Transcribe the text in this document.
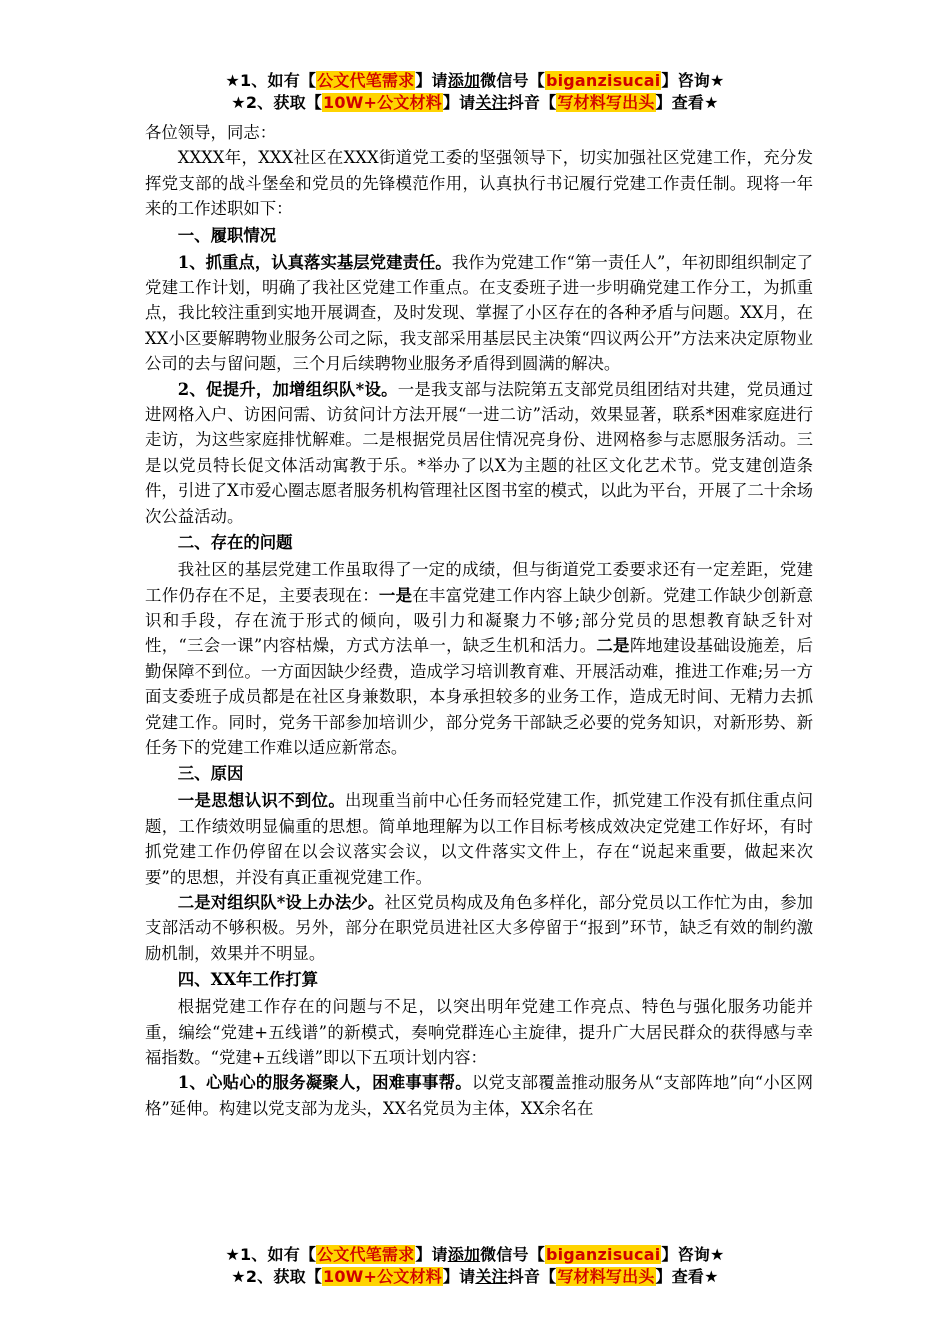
★1、如有【公文代笔需求】请添加微信号【biganzisucai】咨询★
★2、获取【10W+公文材料】请关注抖音【写材料写出头】查看★

各位领导，同志：

XXXX年，XXX社区在XXX街道党工委的坚强领导下，切实加强社区党建工作，充分发挥党支部的战斗堡垒和党员的先锋模范作用，认真执行书记履行党建工作责任制。现将一年来的工作述职如下：

一、履职情况

1、抓重点，认真落实基层党建责任。我作为党建工作“第一责任人”，年初即组织制定了党建工作计划，明确了我社区党建工作重点。在支委班子进一步明确党建工作分工，为抓重点，我比较注重到实地开展调查，及时发现、掌握了小区存在的各种矛盾与问题。XX月，在XX小区要解聘物业服务公司之际，我支部采用基层民主决策“四议两公开”方法来决定原物业公司的去与留问题，三个月后续聘物业服务矛盾得到圆满的解决。

2、促提升，加增组织队*设。一是我支部与法院第五支部党员组团结对共建，党员通过进网格入户、访困问需、访贫问计方法开展“一进二访”活动，效果显著，联系*困难家庭进行走访，为这些家庭排忧解难。二是根据党员居住情况亮身份、进网格参与志愿服务活动。三是以党员特长促文体活动寓教于乐。*举办了以X为主题的社区文化艺术节。党支建创造条件，引进了X市爱心圈志愿者服务机构管理社区图书室的模式，以此为平台，开展了二十余场次公益活动。

二、存在的问题

我社区的基层党建工作虽取得了一定的成绩，但与街道党工委要求还有一定差距，党建工作仍存在不足，主要表现在：一是在丰富党建工作内容上缺少创新。党建工作缺少创新意识和手段，存在流于形式的倾向，吸引力和凝聚力不够;部分党员的思想教育缺乏针对性，“三会一课”内容枯燥，方式方法单一，缺乏生机和活力。二是阵地建设基础设施差，后勤保障不到位。一方面因缺少经费，造成学习培训教育难、开展活动难，推进工作难;另一方面支委班子成员都是在社区身兼数职，本身承担较多的业务工作，造成无时间、无精力去抓党建工作。同时，党务干部参加培训少，部分党务干部缺乏必要的党务知识，对新形势、新任务下的党建工作难以适应新常态。

三、原因

一是思想认识不到位。出现重当前中心任务而轻党建工作，抓党建工作没有抓住重点问题，工作绩效明显偏重的思想。简单地理解为以工作目标考核成效决定党建工作好坏，有时抓党建工作仍停留在以会议落实会议，以文件落实文件上，存在“说起来重要，做起来次要”的思想，并没有真正重视党建工作。

二是对组织队*设上办法少。社区党员构成及角色多样化，部分党员以工作忙为由，参加支部活动不够积极。另外，部分在职党员进社区大多停留于“报到”环节，缺乏有效的制约激励机制，效果并不明显。

四、XX年工作打算

根据党建工作存在的问题与不足，以突出明年党建工作亮点、特色与强化服务功能并重，编绘“党建+五线谱”的新模式，奏响党群连心主旋律，提升广大居民群众的获得感与幸福指数。“党建+五线谱”即以下五项计划内容：

1、心贴心的服务凝聚人，困难事事帮。以党支部覆盖推动服务从“支部阵地”向“小区网格”延伸。构建以党支部为龙头，XX名党员为主体，XX余名在

★1、如有【公文代笔需求】请添加微信号【biganzisucai】咨询★
★2、获取【10W+公文材料】请关注抖音【写材料写出头】查看★
